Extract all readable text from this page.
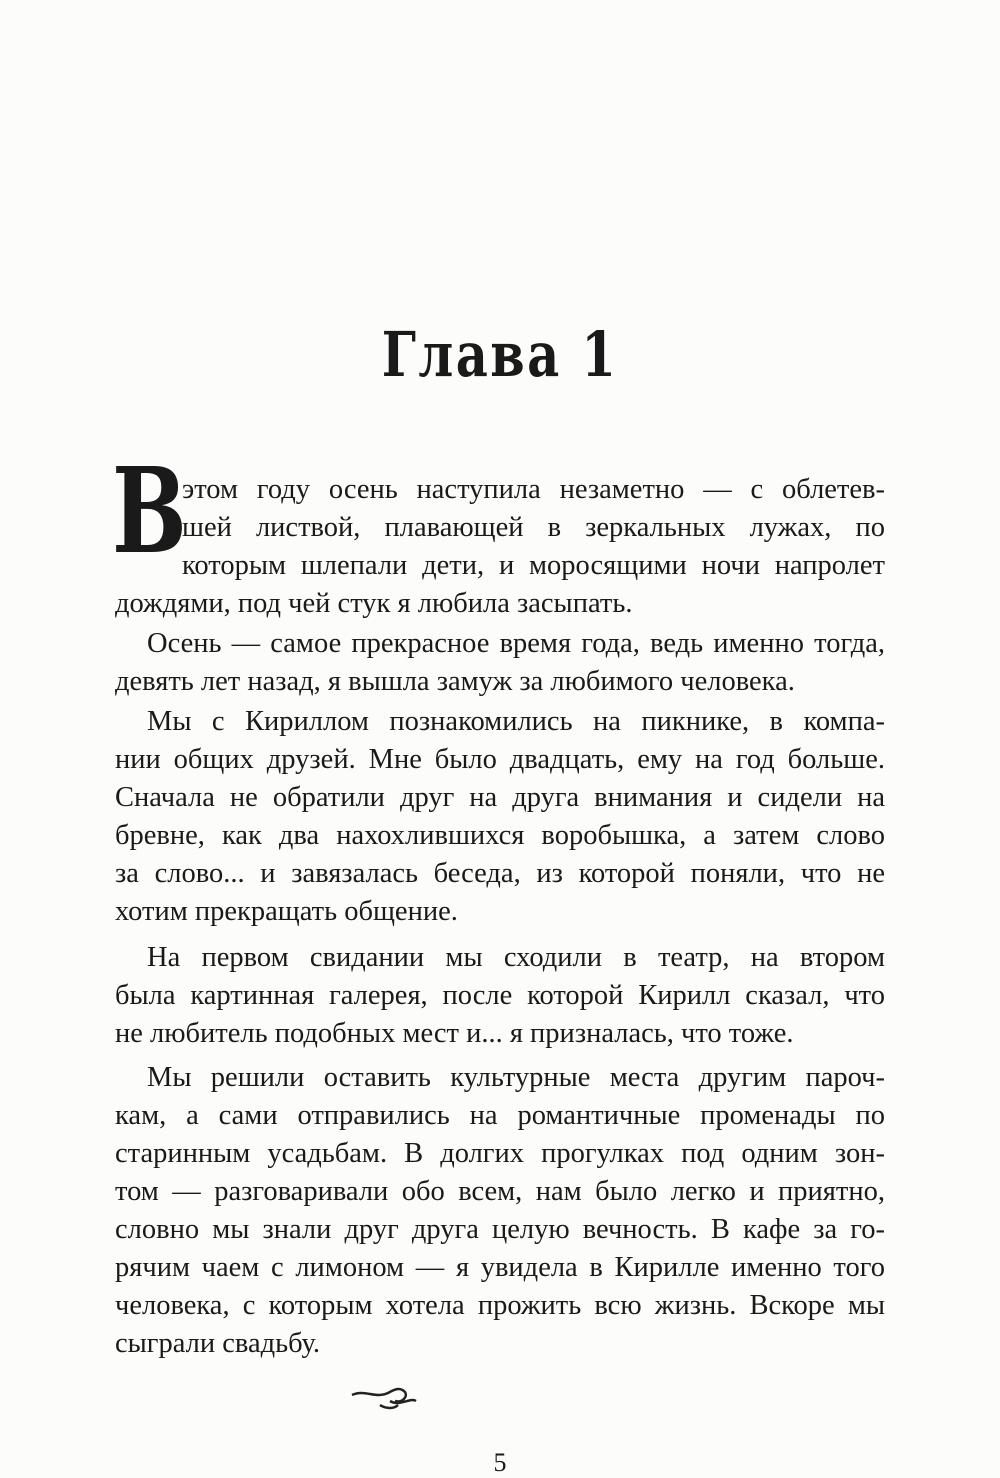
Глава 1
В
этом году осень наступила незаметно — с облетев-
шей листвой, плавающей в зеркальных лужах, по
которым шлепали дети, и моросящими ночи напролет
дождями, под чей стук я любила засыпать.
Осень — самое прекрасное время года, ведь именно тогда,
девять лет назад, я вышла замуж за любимого человека.
Мы с Кириллом познакомились на пикнике, в компа-
нии общих друзей. Мне было двадцать, ему на год больше.
Сначала не обратили друг на друга внимания и сидели на
бревне, как два нахохлившихся воробышка, а затем слово
за слово... и завязалась беседа, из которой поняли, что не
хотим прекращать общение.
На первом свидании мы сходили в театр, на втором
была картинная галерея, после которой Кирилл сказал, что
не любитель подобных мест и... я призналась, что тоже.
Мы решили оставить культурные места другим пароч-
кам, а сами отправились на романтичные променады по
старинным усадьбам. В долгих прогулках под одним зон-
том — разговаривали обо всем, нам было легко и приятно,
словно мы знали друг друга целую вечность. В кафе за го-
рячим чаем с лимоном — я увидела в Кирилле именно того
человека, с которым хотела прожить всю жизнь. Вскоре мы
сыграли свадьбу.
5
